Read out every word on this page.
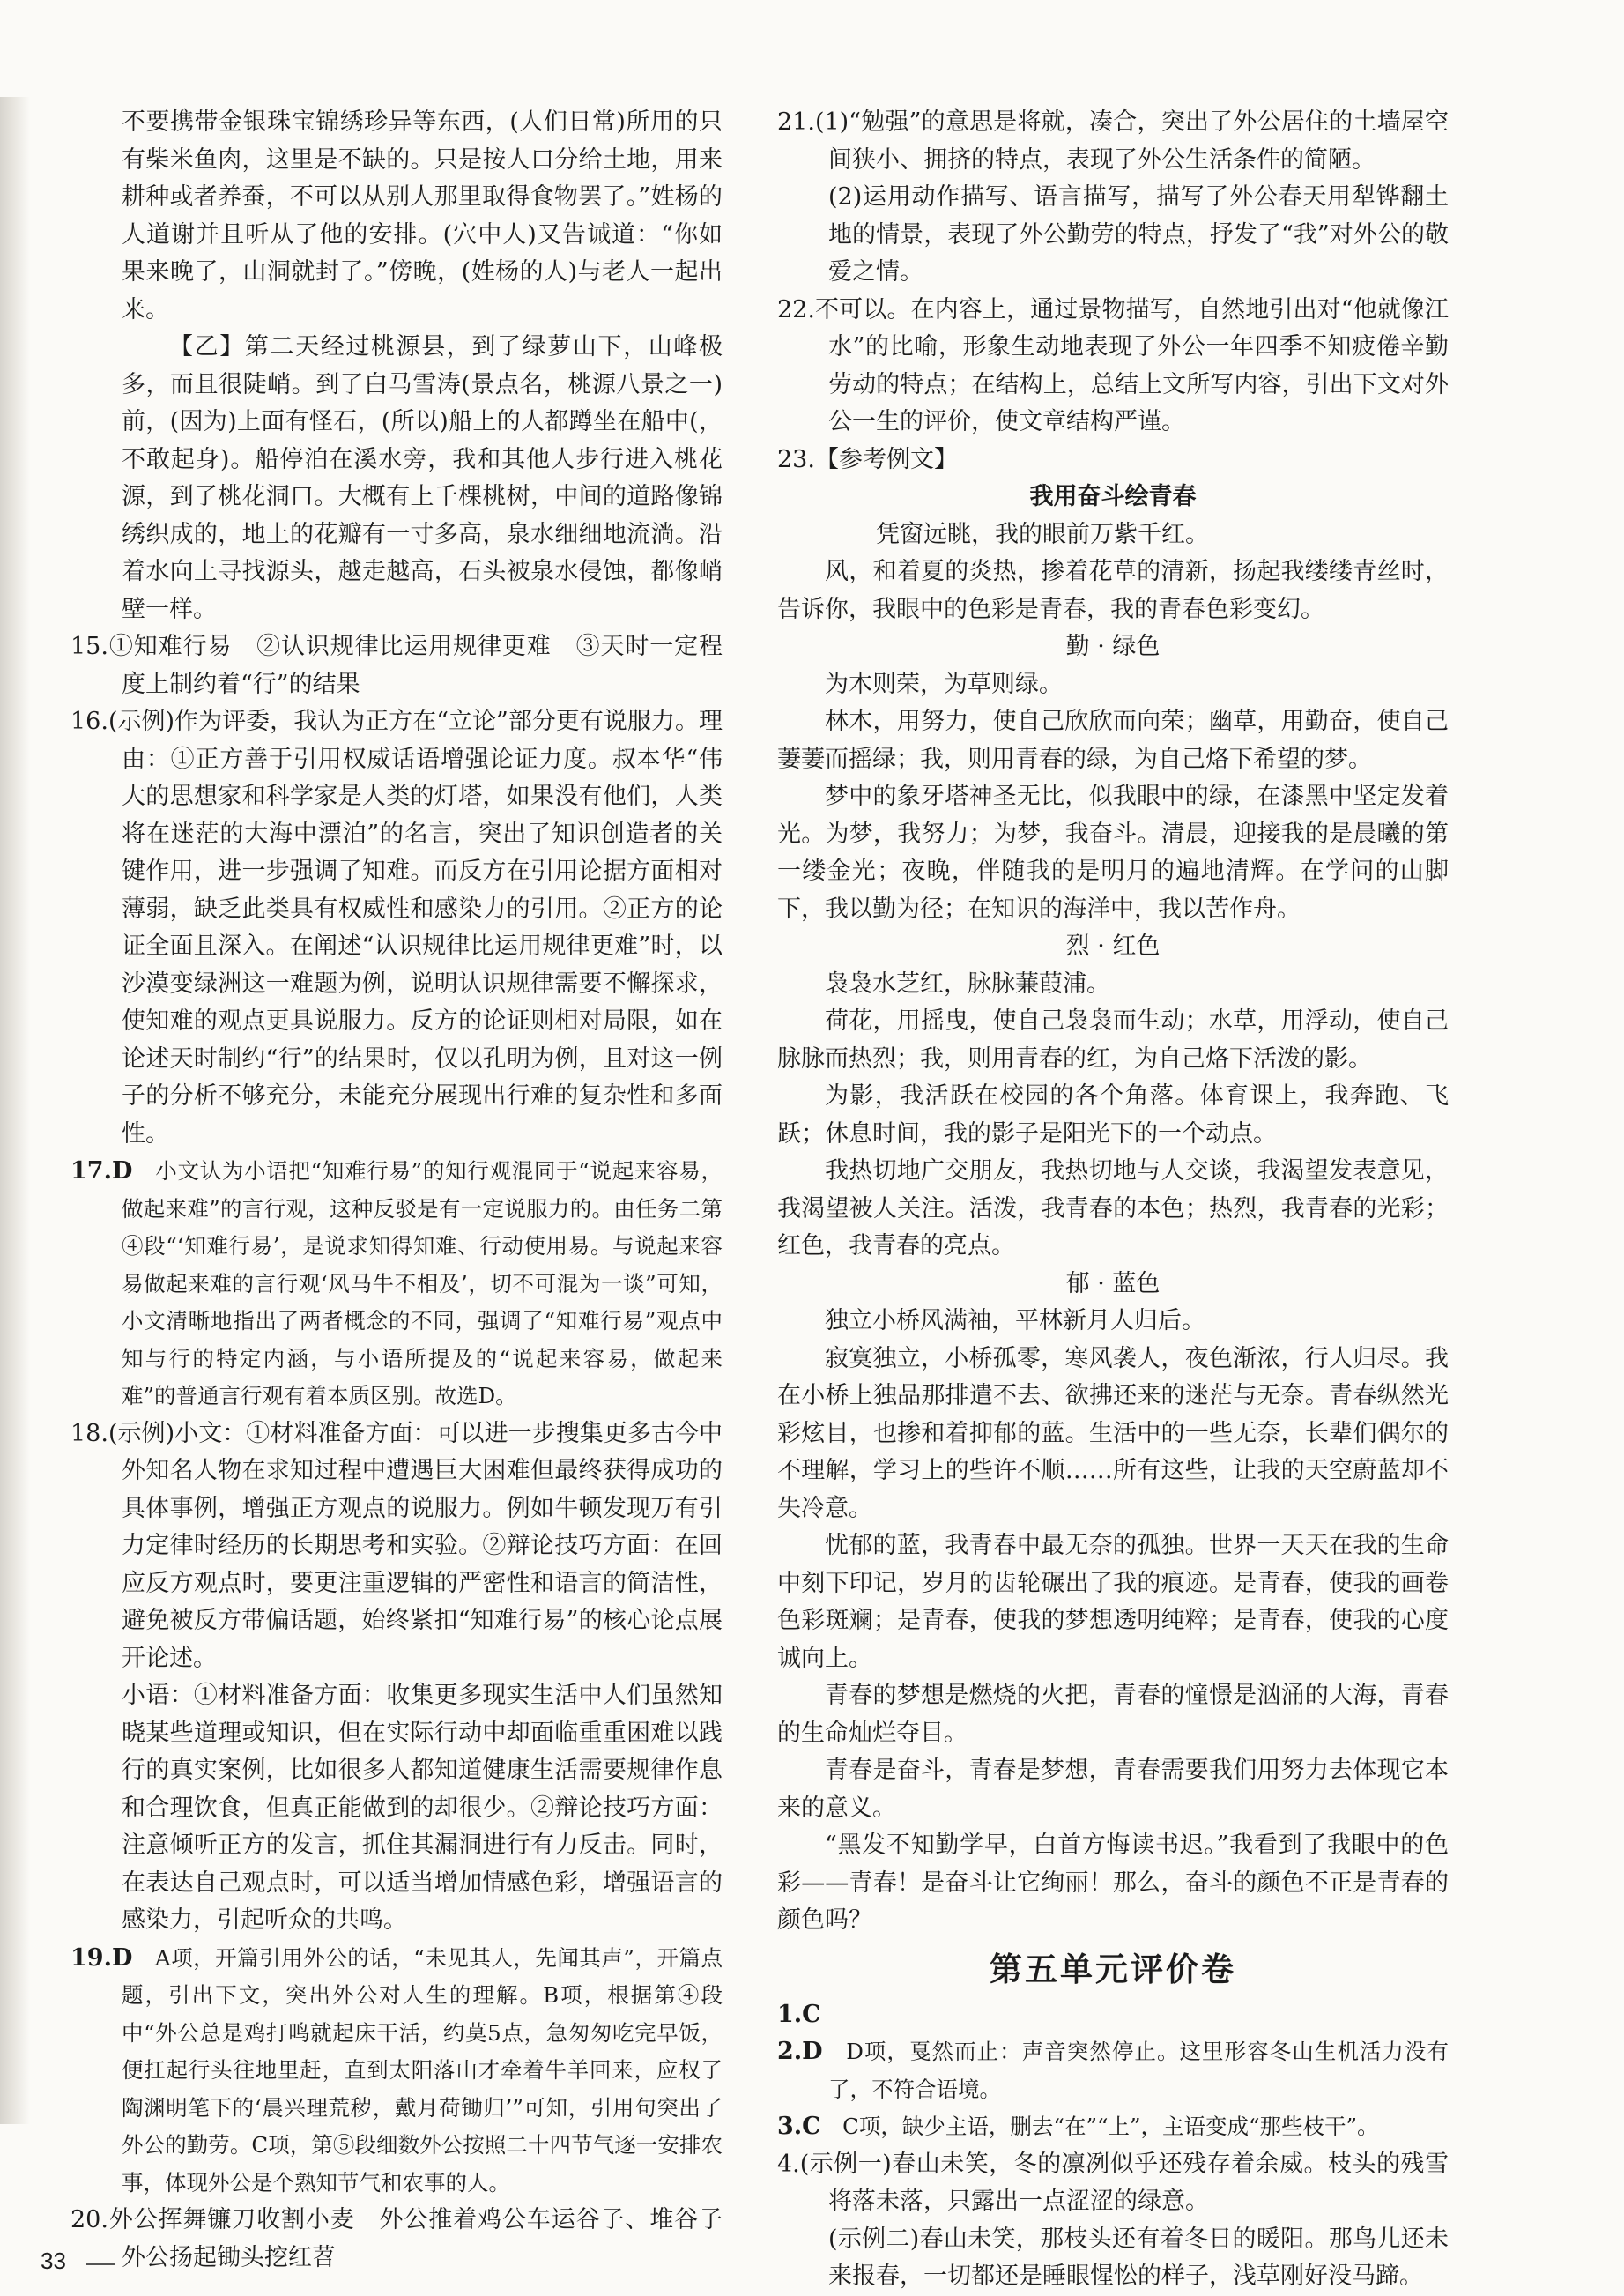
不要携带金银珠宝锦绣珍异等东西，(人们日常)所用的只有柴米鱼肉，这里是不缺的。只是按人口分给土地，用来耕种或者养蚕，不可以从别人那里取得食物罢了。”姓杨的人道谢并且听从了他的安排。(穴中人)又告诫道：“你如果来晚了，山洞就封了。”傍晚，(姓杨的人)与老人一起出来。

【乙】第二天经过桃源县，到了绿萝山下，山峰极多，而且很陡峭。到了白马雪涛(景点名，桃源八景之一)前，(因为)上面有怪石，(所以)船上的人都蹲坐在船中(，不敢起身)。船停泊在溪水旁，我和其他人步行进入桃花源，到了桃花洞口。大概有上千棵桃树，中间的道路像锦绣织成的，地上的花瓣有一寸多高，泉水细细地流淌。沿着水向上寻找源头，越走越高，石头被泉水侵蚀，都像峭壁一样。

15.①知难行易　②认识规律比运用规律更难　③天时一定程度上制约着“行”的结果

16.(示例)作为评委，我认为正方在“立论”部分更有说服力。理由：①正方善于引用权威话语增强论证力度。叔本华“伟大的思想家和科学家是人类的灯塔，如果没有他们，人类将在迷茫的大海中漂泊”的名言，突出了知识创造者的关键作用，进一步强调了知难。而反方在引用论据方面相对薄弱，缺乏此类具有权威性和感染力的引用。②正方的论证全面且深入。在阐述“认识规律比运用规律更难”时，以沙漠变绿洲这一难题为例，说明认识规律需要不懈探求，使知难的观点更具说服力。反方的论证则相对局限，如在论述天时制约“行”的结果时，仅以孔明为例，且对这一例子的分析不够充分，未能充分展现出行难的复杂性和多面性。

17.D　小文认为小语把“知难行易”的知行观混同于“说起来容易，做起来难”的言行观，这种反驳是有一定说服力的。由任务二第④段“‘知难行易’，是说求知得知难、行动使用易。与说起来容易做起来难的言行观‘风马牛不相及’，切不可混为一谈”可知，小文清晰地指出了两者概念的不同，强调了“知难行易”观点中知与行的特定内涵，与小语所提及的“说起来容易，做起来难”的普通言行观有着本质区别。故选D。

18.(示例)小文：①材料准备方面：可以进一步搜集更多古今中外知名人物在求知过程中遭遇巨大困难但最终获得成功的具体事例，增强正方观点的说服力。例如牛顿发现万有引力定律时经历的长期思考和实验。②辩论技巧方面：在回应反方观点时，要更注重逻辑的严密性和语言的简洁性，避免被反方带偏话题，始终紧扣“知难行易”的核心论点展开论述。

小语：①材料准备方面：收集更多现实生活中人们虽然知晓某些道理或知识，但在实际行动中却面临重重困难以践行的真实案例，比如很多人都知道健康生活需要规律作息和合理饮食，但真正能做到的却很少。②辩论技巧方面：注意倾听正方的发言，抓住其漏洞进行有力反击。同时，在表达自己观点时，可以适当增加情感色彩，增强语言的感染力，引起听众的共鸣。

19.D　A项，开篇引用外公的话，“未见其人，先闻其声”，开篇点题，引出下文，突出外公对人生的理解。B项，根据第④段中“外公总是鸡打鸣就起床干活，约莫5点，急匆匆吃完早饭，便扛起行头往地里赶，直到太阳落山才牵着牛羊回来，应权了陶渊明笔下的‘晨兴理荒秽，戴月荷锄归’”可知，引用句突出了外公的勤劳。C项，第⑤段细数外公按照二十四节气逐一安排农事，体现外公是个熟知节气和农事的人。

20.外公挥舞镰刀收割小麦　外公推着鸡公车运谷子、堆谷子　外公扬起锄头挖红苕

21.(1)“勉强”的意思是将就，凑合，突出了外公居住的土墙屋空间狭小、拥挤的特点，表现了外公生活条件的简陋。

(2)运用动作描写、语言描写，描写了外公春天用犁铧翻土地的情景，表现了外公勤劳的特点，抒发了“我”对外公的敬爱之情。

22.不可以。在内容上，通过景物描写，自然地引出对“他就像江水”的比喻，形象生动地表现了外公一年四季不知疲倦辛勤劳动的特点；在结构上，总结上文所写内容，引出下文对外公一生的评价，使文章结构严谨。

23.【参考例文】

我用奋斗绘青春

凭窗远眺，我的眼前万紫千红。

风，和着夏的炎热，掺着花草的清新，扬起我缕缕青丝时，告诉你，我眼中的色彩是青春，我的青春色彩变幻。

勤 · 绿色

为木则荣，为草则绿。

林木，用努力，使自己欣欣而向荣；幽草，用勤奋，使自己萋萋而摇绿；我，则用青春的绿，为自己烙下希望的梦。

梦中的象牙塔神圣无比，似我眼中的绿，在漆黑中坚定发着光。为梦，我努力；为梦，我奋斗。清晨，迎接我的是晨曦的第一缕金光；夜晚，伴随我的是明月的遍地清辉。在学问的山脚下，我以勤为径；在知识的海洋中，我以苦作舟。

烈 · 红色

袅袅水芝红，脉脉蒹葭浦。

荷花，用摇曳，使自己袅袅而生动；水草，用浮动，使自己脉脉而热烈；我，则用青春的红，为自己烙下活泼的影。

为影，我活跃在校园的各个角落。体育课上，我奔跑、飞跃；休息时间，我的影子是阳光下的一个动点。

我热切地广交朋友，我热切地与人交谈，我渴望发表意见，我渴望被人关注。活泼，我青春的本色；热烈，我青春的光彩；红色，我青春的亮点。

郁 · 蓝色

独立小桥风满袖，平林新月人归后。

寂寞独立，小桥孤零，寒风袭人，夜色渐浓，行人归尽。我在小桥上独品那排遣不去、欲拂还来的迷茫与无奈。青春纵然光彩炫目，也掺和着抑郁的蓝。生活中的一些无奈，长辈们偶尔的不理解，学习上的些许不顺……所有这些，让我的天空蔚蓝却不失冷意。

忧郁的蓝，我青春中最无奈的孤独。世界一天天在我的生命中刻下印记，岁月的齿轮碾出了我的痕迹。是青春，使我的画卷色彩斑斓；是青春，使我的梦想透明纯粹；是青春，使我的心度诚向上。

青春的梦想是燃烧的火把，青春的憧憬是汹涌的大海，青春的生命灿烂夺目。

青春是奋斗，青春是梦想，青春需要我们用努力去体现它本来的意义。

“黑发不知勤学早，白首方悔读书迟。”我看到了我眼中的色彩——青春！是奋斗让它绚丽！那么，奋斗的颜色不正是青春的颜色吗？

第五单元评价卷

1.C

2.D　D项，戛然而止：声音突然停止。这里形容冬山生机活力没有了，不符合语境。

3.C　C项，缺少主语，删去“在”“上”，主语变成“那些枝干”。

4.(示例一)春山未笑，冬的凛冽似乎还残存着余威。枝头的残雪将落未落，只露出一点涩涩的绿意。

(示例二)春山未笑，那枝头还有着冬日的暖阳。那鸟儿还未来报春，一切都还是睡眼惺忪的样子，浅草刚好没马蹄。

33
